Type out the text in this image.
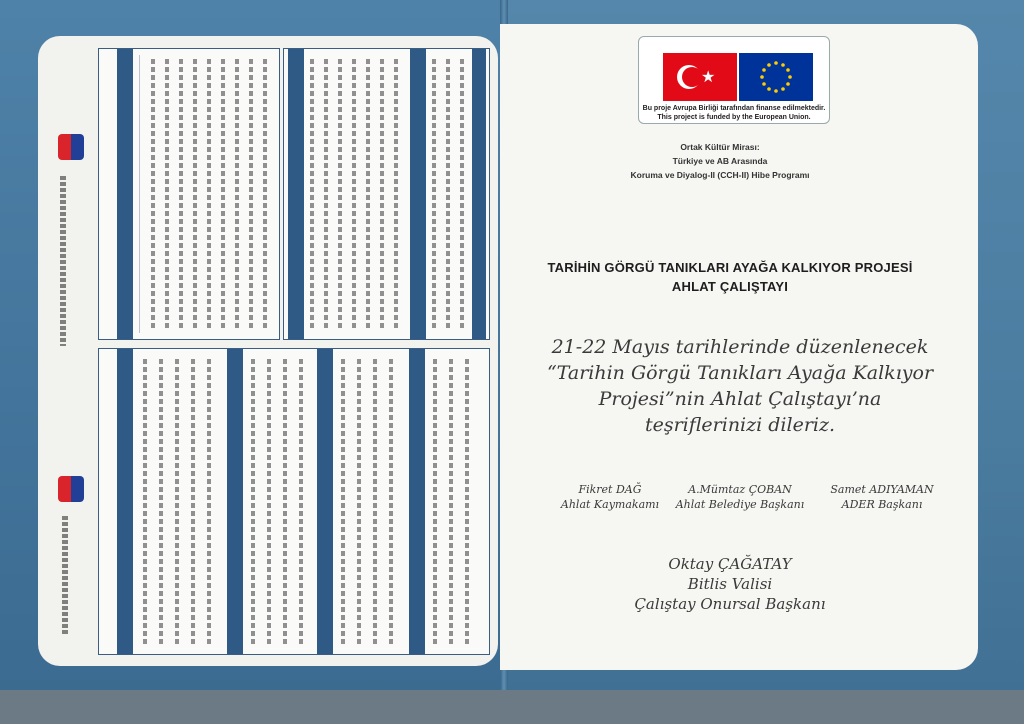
★
Bu proje Avrupa Birliği tarafından finanse edilmektedir.
This project is funded by the European Union.
Ortak Kültür Mirası:
Türkiye ve AB Arasında
Koruma ve Diyalog-II (CCH-II) Hibe Programı
TARİHİN GÖRGÜ TANIKLARI AYAĞA KALKIYOR PROJESİ
AHLAT ÇALIŞTAYI
21-22 Mayıs tarihlerinde düzenlenecek
“Tarihin Görgü Tanıkları Ayağa Kalkıyor
Projesi”nin Ahlat Çalıştayı’na
teşriflerinizi dileriz.
Fikret DAĞ
Ahlat Kaymakamı
A.Mümtaz ÇOBAN
Ahlat Belediye Başkanı
Samet ADIYAMAN
ADER Başkanı
Oktay ÇAĞATAY
Bitlis Valisi
Çalıştay Onursal Başkanı
